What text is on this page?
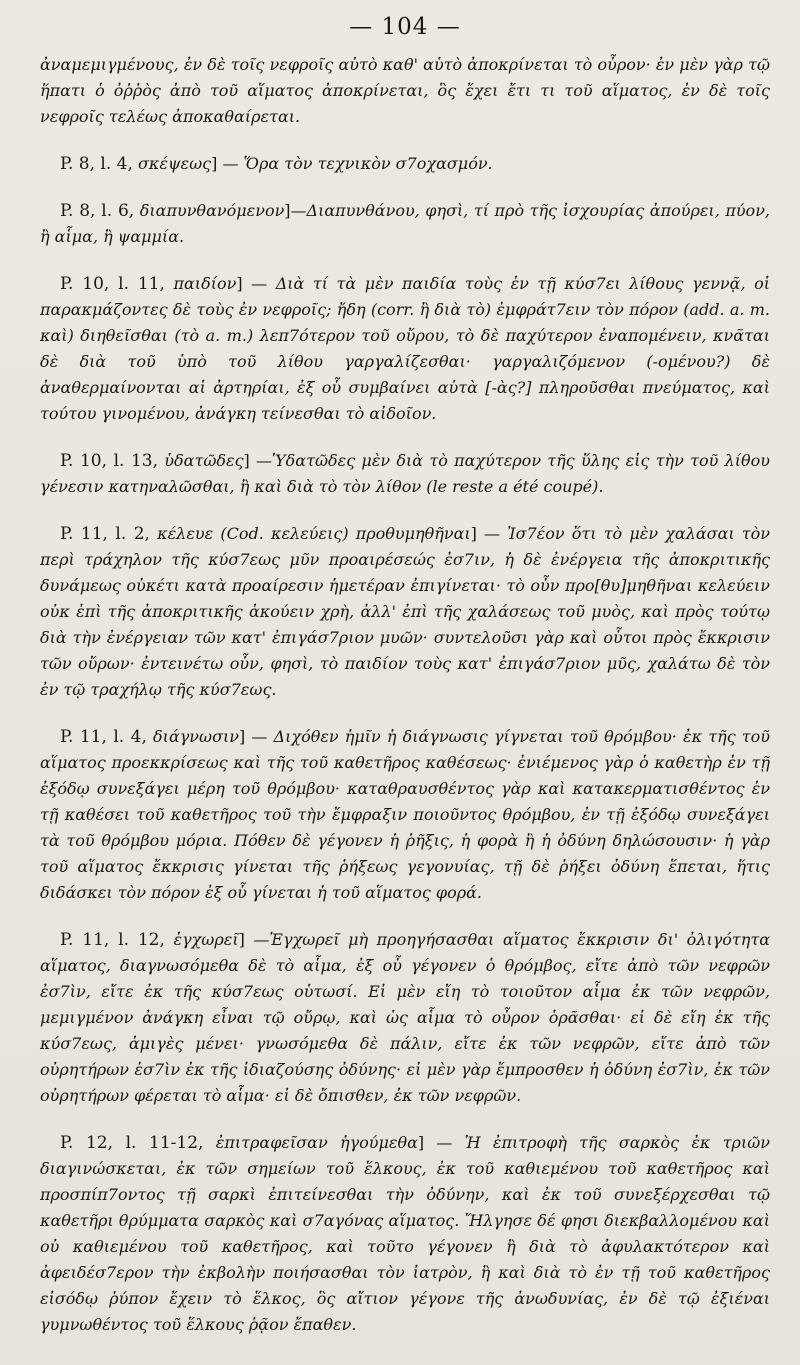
— 104 —
ἀναμεμιγμένους, ἐν δὲ τοῖς νεφροῖς αὐτὸ καθ' αὑτὸ ἀποκρίνεται τὸ οὖρον· ἐν μὲν γὰρ τῷ ἥπατι ὁ ὀῤῥὸς ἀπὸ τοῦ αἵματος ἀποκρίνεται, ὃς ἔχει ἔτι τι τοῦ αἵματος, ἐν δὲ τοῖς νεφροῖς τελέως ἀποκαθαίρεται.
P. 8, l. 4, σκέψεως] — Ὅρα τὸν τεχνικὸν σ7οχασμόν.
P. 8, l. 6, διαπυνθανόμενον]—Διαπυνθάνου, φησὶ, τί πρὸ τῆς ἰσχουρίας ἀπούρει, πύον, ἢ αἷμα, ἢ ψαμμία.
P. 10, l. 11, παιδίον] — Διὰ τί τὰ μὲν παιδία τοὺς ἐν τῇ κύσ7ει λίθους γεννᾷ, οἱ παρακμάζοντες δὲ τοὺς ἐν νεφροῖς; ἤδη (corr. ἢ διὰ τὸ) ἐμφράτ7ειν τὸν πόρον (add. a. m. καὶ) διηθεῖσθαι (τὸ a. m.) λεπ7ότερον τοῦ οὔρου, τὸ δὲ παχύτερον ἐναπομένειν, κνᾶται δὲ διὰ τοῦ ὑπὸ τοῦ λίθου γαργαλίζεσθαι· γαργαλιζόμενον (-ομένου?) δὲ ἀναθερμαίνονται αἱ ἀρτηρίαι, ἐξ οὗ συμβαίνει αὐτὰ [-ὰς?] πληροῦσθαι πνεύματος, καὶ τούτου γινομένου, ἀνάγκη τείνεσθαι τὸ αἰδοῖον.
P. 10, l. 13, ὑδατῶδες] —Ὑδατῶδες μὲν διὰ τὸ παχύτερον τῆς ὕλης εἰς τὴν τοῦ λίθου γένεσιν κατηναλῶσθαι, ἢ καὶ διὰ τὸ τὸν λίθον (le reste a été coupé).
P. 11, l. 2, κέλευε (Cod. κελεύεις) προθυμηθῆναι] — Ἰσ7έον ὅτι τὸ μὲν χαλάσαι τὸν περὶ τράχηλον τῆς κύσ7εως μῦν προαιρέσεώς ἐσ7ιν, ἡ δὲ ἐνέργεια τῆς ἀποκριτικῆς δυνάμεως οὐκέτι κατὰ προαίρεσιν ἡμετέραν ἐπιγίνεται· τὸ οὖν προ[θυ]μηθῆναι κελεύειν οὐκ ἐπὶ τῆς ἀποκριτικῆς ἀκούειν χρὴ, ἀλλ' ἐπὶ τῆς χαλάσεως τοῦ μυὸς, καὶ πρὸς τούτῳ διὰ τὴν ἐνέργειαν τῶν κατ' ἐπιγάσ7ριον μυῶν· συντελοῦσι γὰρ καὶ οὗτοι πρὸς ἔκκρισιν τῶν οὔρων· ἐντεινέτω οὖν, φησὶ, τὸ παιδίον τοὺς κατ' ἐπιγάσ7ριον μῦς, χαλάτω δὲ τὸν ἐν τῷ τραχήλῳ τῆς κύσ7εως.
P. 11, l. 4, διάγνωσιν] — Διχόθεν ἡμῖν ἡ διάγνωσις γίγνεται τοῦ θρόμβου· ἐκ τῆς τοῦ αἵματος προεκκρίσεως καὶ τῆς τοῦ καθετῆρος καθέσεως· ἐνιέμενος γὰρ ὁ καθετὴρ ἐν τῇ ἐξόδῳ συνεξάγει μέρη τοῦ θρόμβου· καταθραυσθέντος γὰρ καὶ κατακερματισθέντος ἐν τῇ καθέσει τοῦ καθετῆρος τοῦ τὴν ἔμφραξιν ποιοῦντος θρόμβου, ἐν τῇ ἐξόδῳ συνεξάγει τὰ τοῦ θρόμβου μόρια. Πόθεν δὲ γέγονεν ἡ ῥῆξις, ἡ φορὰ ἢ ἡ ὀδύνη δηλώσουσιν· ἡ γὰρ τοῦ αἵματος ἔκκρισις γίνεται τῆς ῥήξεως γεγονυίας, τῇ δὲ ῥήξει ὀδύνη ἕπεται, ἥτις διδάσκει τὸν πόρον ἐξ οὗ γίνεται ἡ τοῦ αἵματος φορά.
P. 11, l. 12, ἐγχωρεῖ] —Ἐγχωρεῖ μὴ προηγήσασθαι αἵματος ἔκκρισιν δι' ὀλιγότητα αἵματος, διαγνωσόμεθα δὲ τὸ αἷμα, ἐξ οὗ γέγονεν ὁ θρόμβος, εἴτε ἀπὸ τῶν νεφρῶν ἐσ7ὶν, εἴτε ἐκ τῆς κύσ7εως οὑτωσί. Εἰ μὲν εἴη τὸ τοιοῦτον αἷμα ἐκ τῶν νεφρῶν, μεμιγμένον ἀνάγκη εἶναι τῷ οὔρῳ, καὶ ὡς αἷμα τὸ οὖρον ὁρᾶσθαι· εἰ δὲ εἴη ἐκ τῆς κύσ7εως, ἀμιγὲς μένει· γνωσόμεθα δὲ πάλιν, εἴτε ἐκ τῶν νεφρῶν, εἴτε ἀπὸ τῶν οὐρητήρων ἐσ7ὶν ἐκ τῆς ἰδιαζούσης ὀδύνης· εἰ μὲν γὰρ ἔμπροσθεν ἡ ὀδύνη ἐσ7ὶν, ἐκ τῶν οὐρητήρων φέρεται τὸ αἷμα· εἰ δὲ ὄπισθεν, ἐκ τῶν νεφρῶν.
P. 12, l. 11-12, ἐπιτραφεῖσαν ἡγούμεθα] — Ἡ ἐπιτροφὴ τῆς σαρκὸς ἐκ τριῶν διαγινώσκεται, ἐκ τῶν σημείων τοῦ ἕλκους, ἐκ τοῦ καθιεμένου τοῦ καθετῆρος καὶ προσπίπ7οντος τῇ σαρκὶ ἐπιτείνεσθαι τὴν ὀδύνην, καὶ ἐκ τοῦ συνεξέρχεσθαι τῷ καθετῆρι θρύμματα σαρκὸς καὶ σ7αγόνας αἵματος. Ἤλγησε δέ φησι διεκβαλλομένου καὶ οὐ καθιεμένου τοῦ καθετῆρος, καὶ τοῦτο γέγονεν ἢ διὰ τὸ ἀφυλακτότερον καὶ ἀφειδέσ7ερον τὴν ἐκβολὴν ποιήσασθαι τὸν ἰατρὸν, ἢ καὶ διὰ τὸ ἐν τῇ τοῦ καθετῆρος εἰσόδῳ ῥύπον ἔχειν τὸ ἕλκος, ὃς αἴτιον γέγονε τῆς ἀνωδυνίας, ἐν δὲ τῷ ἐξιέναι γυμνωθέντος τοῦ ἕλκους ῥᾷον ἔπαθεν.
